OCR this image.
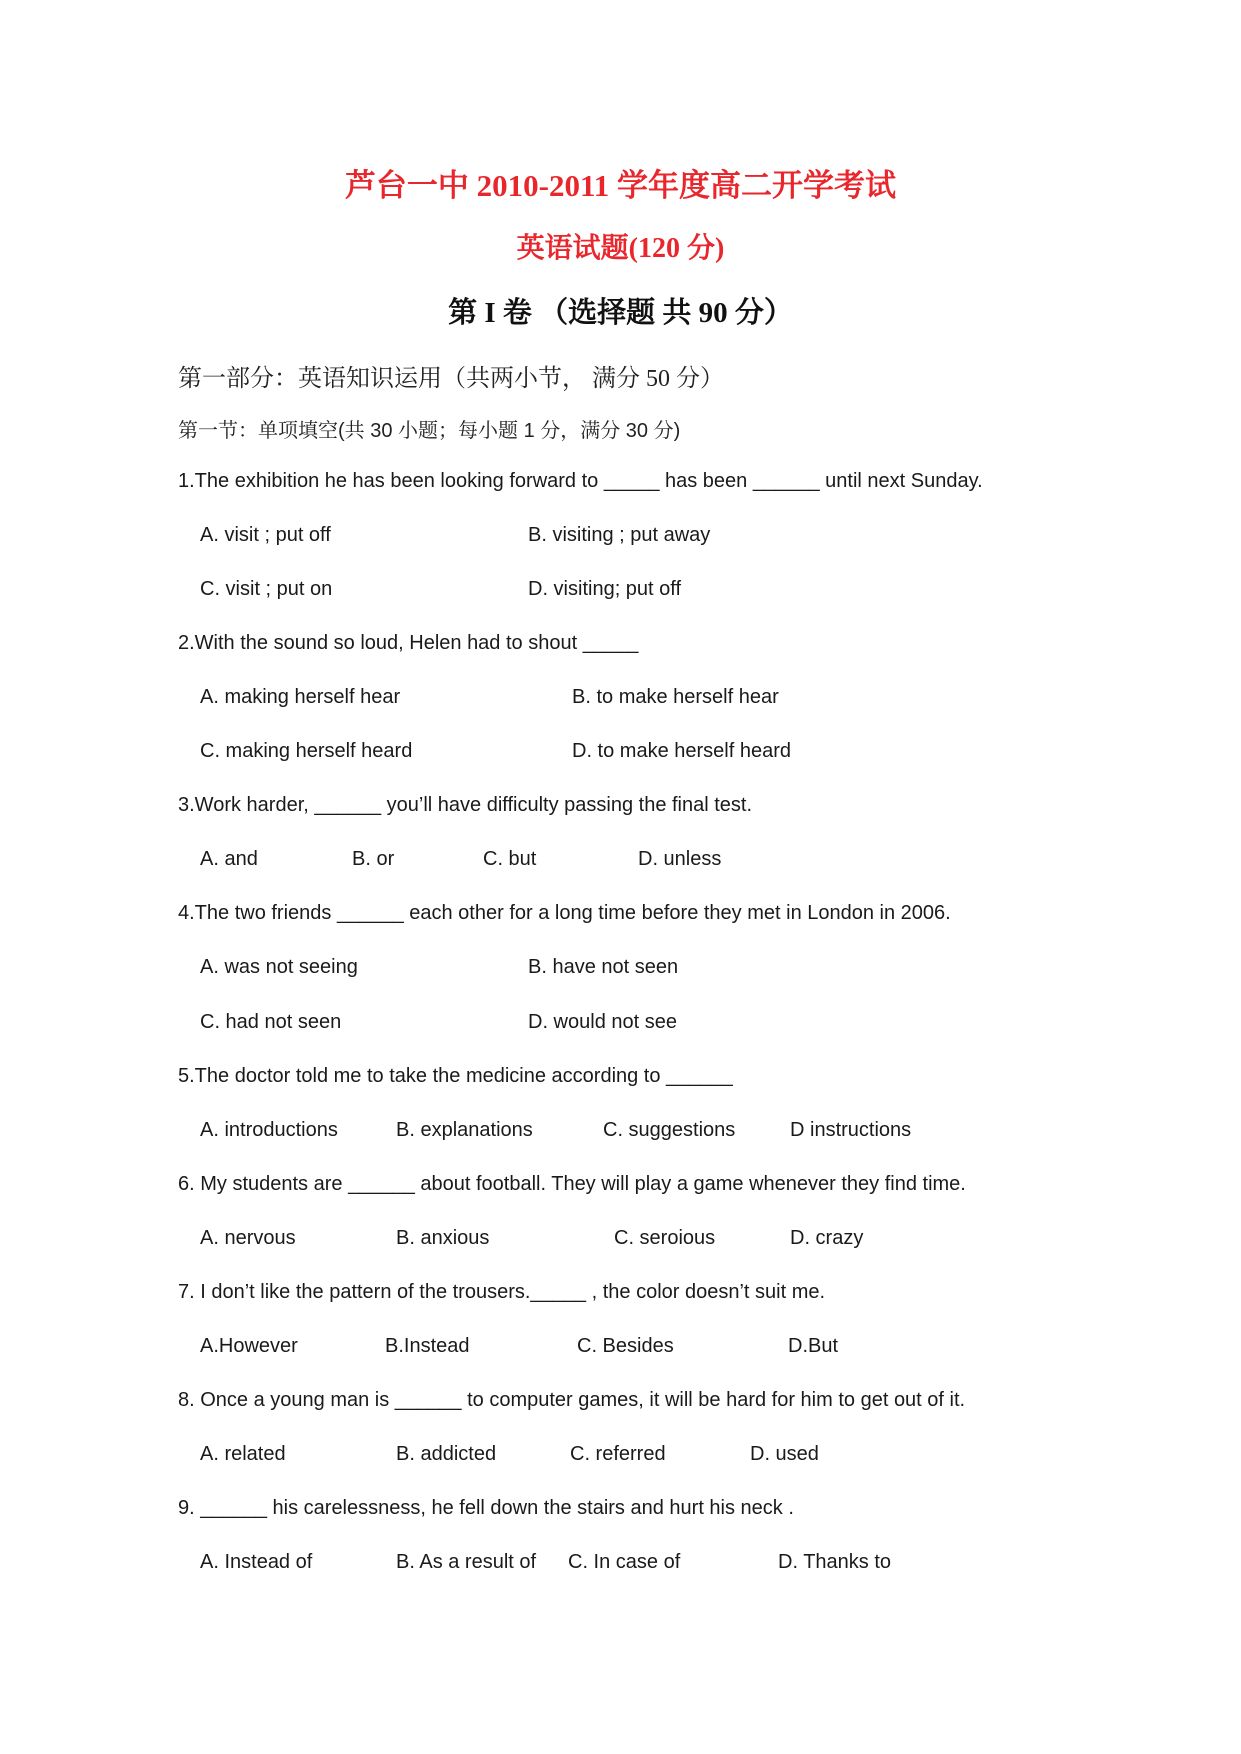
芦台一中 2010-2011 学年度高二开学考试
英语试题(120 分)
第 I 卷 （选择题 共 90 分）
第一部分：英语知识运用（共两小节， 满分 50 分）
第一节：单项填空(共 30 小题；每小题 1 分，满分 30 分)
1.The exhibition he has been looking forward to _____ has been ______ until next Sunday.
A. visit ; put off	B. visiting ; put away
C. visit ; put on	D. visiting; put off
2.With the sound so loud, Helen had to shout _____
A. making herself hear	B. to make herself hear
C. making herself heard	D. to make herself heard
3.Work harder, ______ you’ll have difficulty passing the final test.
A. and	B. or	C. but	D. unless
4.The two friends ______ each other for a long time before they met in London in 2006.
A. was not seeing	B. have not seen
C. had not seen	D. would not see
5.The doctor told me to take the medicine according to ______
A. introductions	B. explanations	C. suggestions	D instructions
6. My students are ______ about football. They will play a game whenever they find time.
A. nervous	B. anxious	C. seroious	D. crazy
7. I don’t like the pattern of the trousers._____ , the color doesn’t suit me.
A.However	B.Instead	C. Besides	D.But
8. Once a young man is ______ to computer games, it will be hard for him to get out of it.
A. related	B. addicted	C. referred	D. used
9. ______ his carelessness, he fell down the stairs and hurt his neck .
A. Instead of	B. As a result of C. In case of	D. Thanks to
